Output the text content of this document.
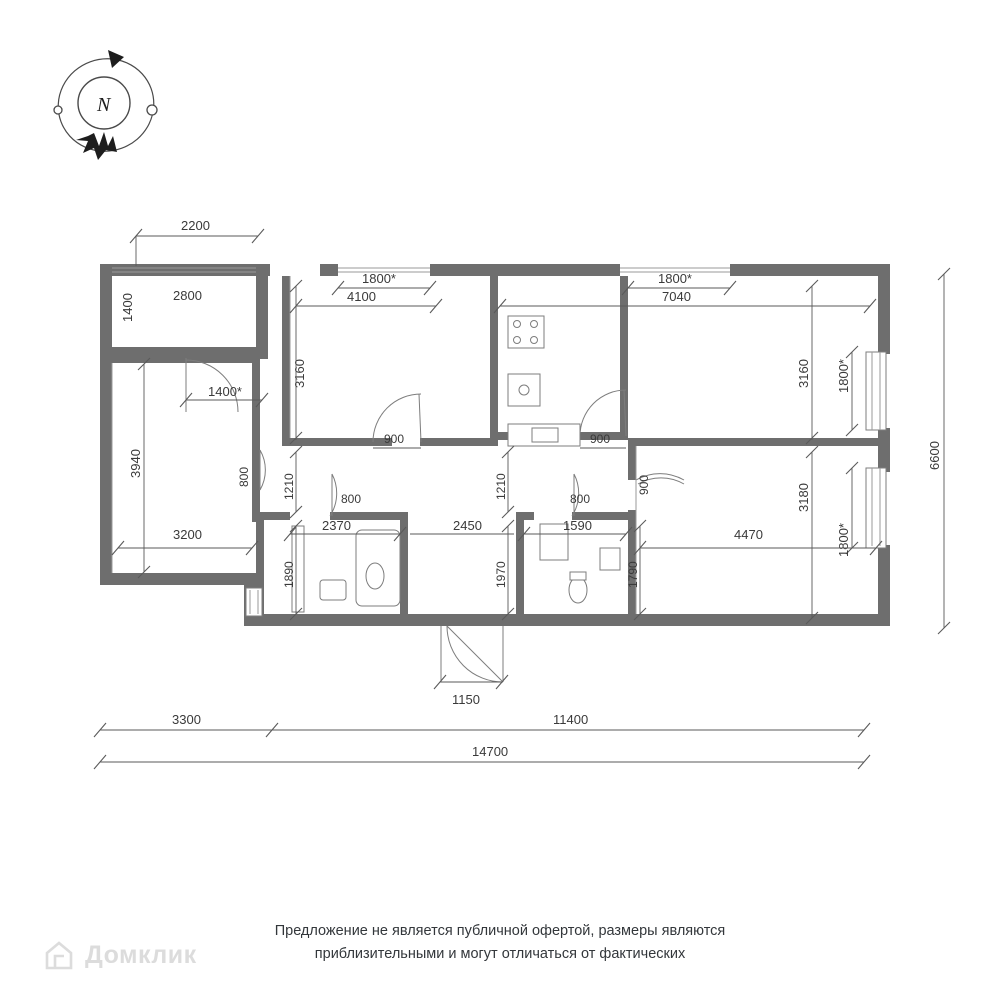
N
2200
2800
1400
1800*
4100
3160
1800*
7040
3160 1800*
3180
1800*
6600
1400*
3940
3200
900	900
900
800
800	800
1210	1210
2370	2450	1590
4470
1890	1970	1790
1150
3300	11400
14700
Предложение не является публичной офертой, размеры являются
приблизительными и могут отличаться от фактических
Домклик
